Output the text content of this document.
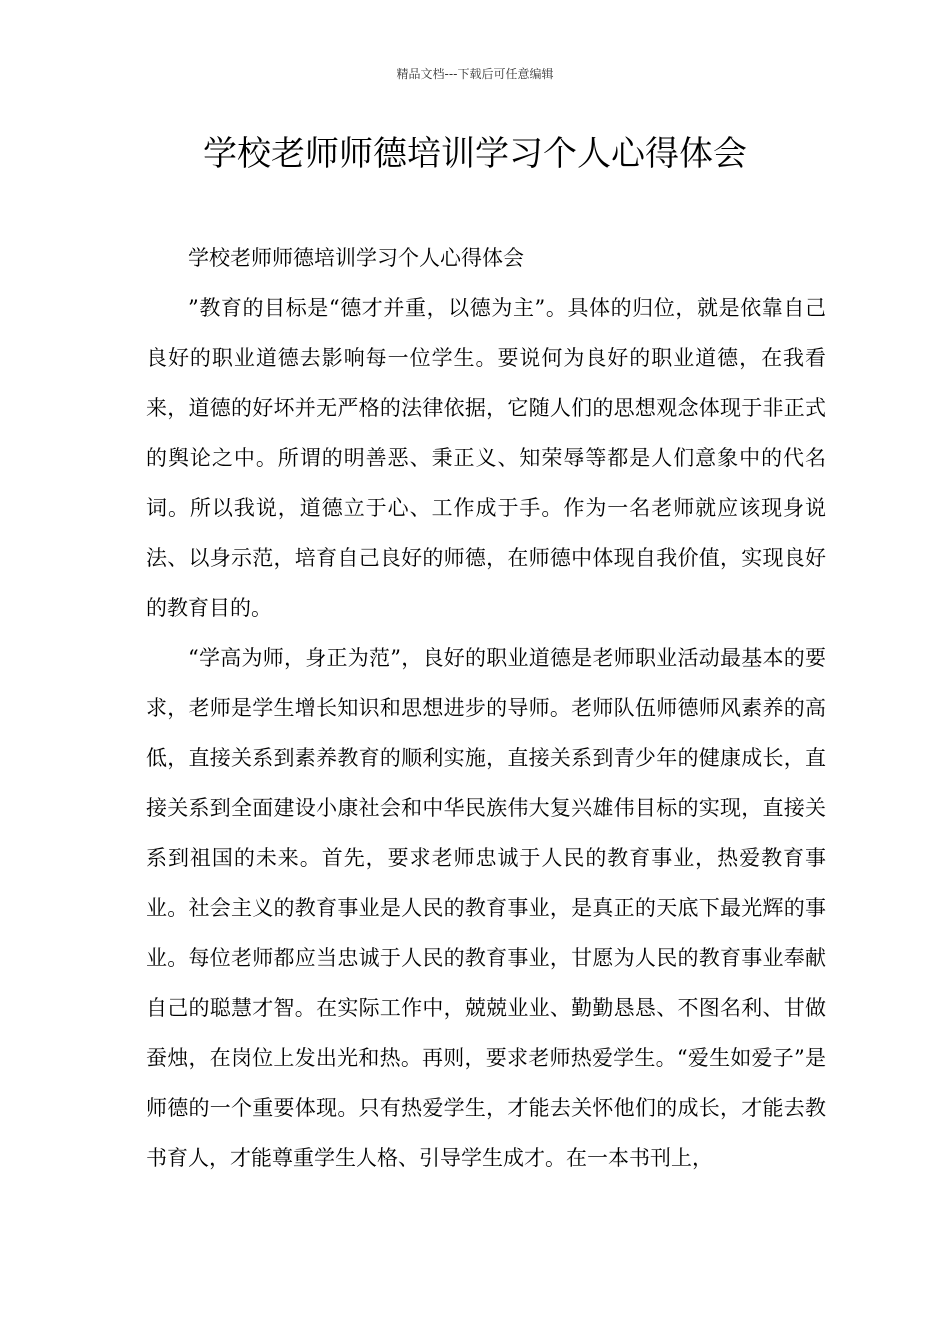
精品文档---下载后可任意编辑
学校老师师德培训学习个人心得体会

学校老师师德培训学习个人心得体会

”教育的目标是“德才并重，以德为主”。具体的归位，就是依靠自己良好的职业道德去影响每一位学生。要说何为良好的职业道德，在我看来，道德的好坏并无严格的法律依据，它随人们的思想观念体现于非正式的舆论之中。所谓的明善恶、秉正义、知荣辱等都是人们意象中的代名词。所以我说，道德立于心、工作成于手。作为一名老师就应该现身说法、以身示范，培育自己良好的师德，在师德中体现自我价值，实现良好的教育目的。

“学高为师，身正为范”，良好的职业道德是老师职业活动最基本的要求，老师是学生增长知识和思想进步的导师。老师队伍师德师风素养的高低，直接关系到素养教育的顺利实施，直接关系到青少年的健康成长，直接关系到全面建设小康社会和中华民族伟大复兴雄伟目标的实现，直接关系到祖国的未来。首先，要求老师忠诚于人民的教育事业，热爱教育事业。社会主义的教育事业是人民的教育事业，是真正的天底下最光辉的事业。每位老师都应当忠诚于人民的教育事业，甘愿为人民的教育事业奉献自己的聪慧才智。在实际工作中，兢兢业业、勤勤恳恳、不图名利、甘做蚕烛，在岗位上发出光和热。再则，要求老师热爱学生。“爱生如爱子”是师德的一个重要体现。只有热爱学生，才能去关怀他们的成长，才能去教书育人，才能尊重学生人格、引导学生成才。在一本书刊上，
